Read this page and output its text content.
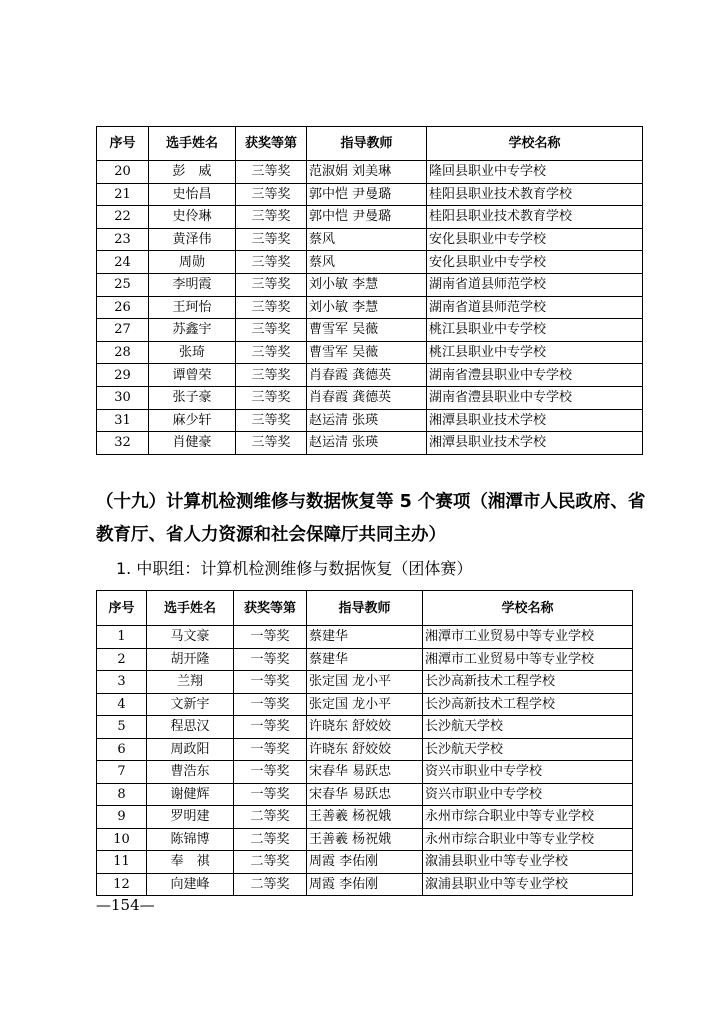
序号	选手姓名	获奖等第	指导教师	学校名称
20	彭　威	三等奖	范淑娟 刘美琳	隆回县职业中专学校
21	史怡昌	三等奖	郭中恺 尹曼璐	桂阳县职业技术教育学校
22	史伶琳	三等奖	郭中恺 尹曼璐	桂阳县职业技术教育学校
23	黄泽伟	三等奖	蔡风	安化县职业中专学校
24	周勋	三等奖	蔡风	安化县职业中专学校
25	李明霞	三等奖	刘小敏 李慧	湖南省道县师范学校
26	王珂怡	三等奖	刘小敏 李慧	湖南省道县师范学校
27	苏鑫宇	三等奖	曹雪军 吴薇	桃江县职业中专学校
28	张琦	三等奖	曹雪军 吴薇	桃江县职业中专学校
29	谭曾荣	三等奖	肖春霞 龚德英	湖南省澧县职业中专学校
30	张子豪	三等奖	肖春霞 龚德英	湖南省澧县职业中专学校
31	麻少轩	三等奖	赵运清 张瑛	湘潭县职业技术学校
32	肖健豪	三等奖	赵运清 张瑛	湘潭县职业技术学校

（十九）计算机检测维修与数据恢复等 5 个赛项（湘潭市人民政府、省教育厅、省人力资源和社会保障厅共同主办）

1. 中职组：计算机检测维修与数据恢复（团体赛）

序号	选手姓名	获奖等第	指导教师	学校名称
1	马文豪	一等奖	蔡建华	湘潭市工业贸易中等专业学校
2	胡开隆	一等奖	蔡建华	湘潭市工业贸易中等专业学校
3	兰翔	一等奖	张定国 龙小平	长沙高新技术工程学校
4	文新宇	一等奖	张定国 龙小平	长沙高新技术工程学校
5	程思汉	一等奖	许晓东 舒姣姣	长沙航天学校
6	周政阳	一等奖	许晓东 舒姣姣	长沙航天学校
7	曹浩东	一等奖	宋春华 易跃忠	资兴市职业中专学校
8	谢健辉	一等奖	宋春华 易跃忠	资兴市职业中专学校
9	罗明建	二等奖	王善羲 杨祝娥	永州市综合职业中等专业学校
10	陈锦博	二等奖	王善羲 杨祝娥	永州市综合职业中等专业学校
11	奉　祺	二等奖	周霞 李佑刚	溆浦县职业中等专业学校
12	向建峰	二等奖	周霞 李佑刚	溆浦县职业中等专业学校
—154—
